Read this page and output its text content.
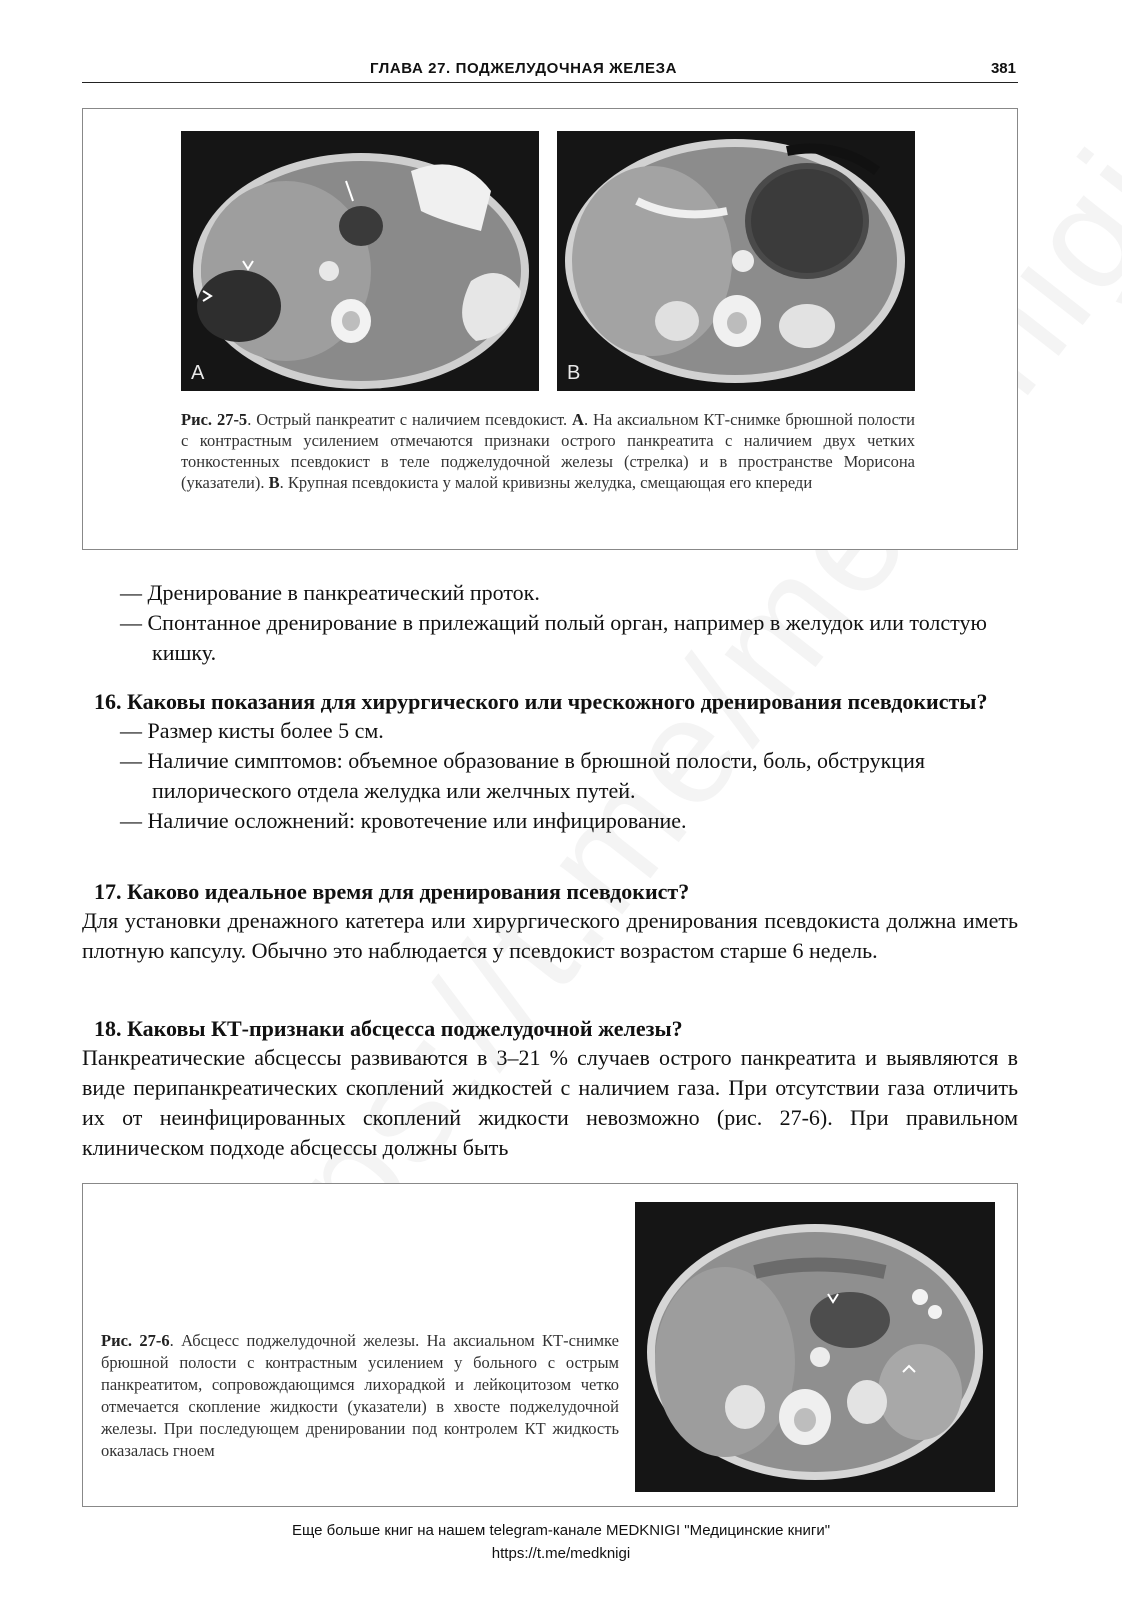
ГЛАВА 27. ПОДЖЕЛУДОЧНАЯ ЖЕЛЕЗА	381
A	B
Рис. 27-5. Острый панкреатит с наличием псевдокист. А. На аксиальном КТ-снимке брюшной полости с контрастным усилением отмечаются признаки острого панкреатита с наличием двух четких тонкостенных псевдокист в теле поджелудочной железы (стрелка) и в пространстве Морисона (указатели). В. Крупная псевдокиста у малой кривизны желудка, смещающая его кпереди
— Дренирование в панкреатический проток.
— Спонтанное дренирование в прилежащий полый орган, например в желудок или толстую кишку.
16. Каковы показания для хирургического или чрескожного дренирования псевдокисты?
— Размер кисты более 5 см.
— Наличие симптомов: объемное образование в брюшной полости, боль, обструкция пилорического отдела желудка или желчных путей.
— Наличие осложнений: кровотечение или инфицирование.
17. Каково идеальное время для дренирования псевдокист?
Для установки дренажного катетера или хирургического дренирования псевдокиста должна иметь плотную капсулу. Обычно это наблюдается у псевдокист возрастом старше 6 недель.
18. Каковы КТ-признаки абсцесса поджелудочной железы?
Панкреатические абсцессы развиваются в 3–21 % случаев острого панкреатита и выявляются в виде перипанкреатических скоплений жидкостей с наличием газа. При отсутствии газа отличить их от неинфицированных скоплений жидкости невозможно (рис. 27-6). При правильном клиническом подходе абсцессы должны быть
Рис. 27-6. Абсцесс поджелудочной железы. На аксиальном КТ-снимке брюшной полости с контрастным усилением у больного с острым панкреатитом, сопровождающимся лихорадкой и лейкоцитозом четко отмечается скопление жидкости (указатели) в хвосте поджелудочной железы. При последующем дренировании под контролем КТ жидкость оказалась гноем
Еще больше книг на нашем telegram-канале MEDKNIGI "Медицинские книги"
https://t.me/medknigi
